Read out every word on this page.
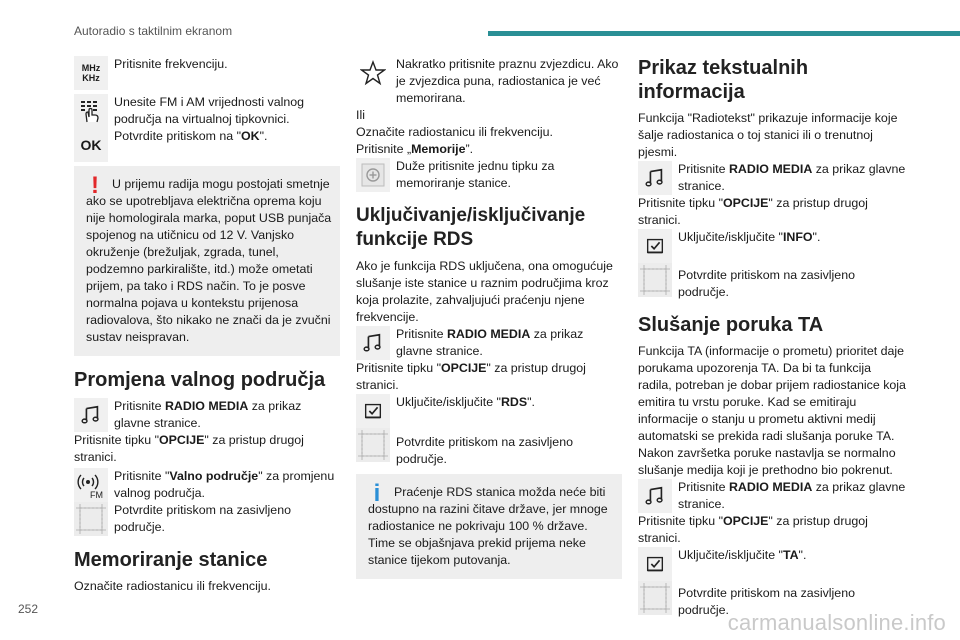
Autoradio s taktilnim ekranom
MHz
KHz

Pritisnite frekvenciju.

Unesite FM i AM vrijednosti valnog područja na virtualnoj tipkovnici.

OK

Potvrdite pritiskom na "OK".

!	U prijemu radija mogu postojati smetnje ako se upotrebljava električna oprema koju nije homologirala marka, poput USB punjača spojenog na utičnicu od 12 V. Vanjsko okruženje (brežuljak, zgrada, tunel, podzemno parkiralište, itd.) može ometati prijem, pa tako i RDS način. To je posve normalna pojava u kontekstu prijenosa radiovalova, što nikako ne znači da je zvučni sustav neispravan.

Promjena valnog područja

Pritisnite RADIO MEDIA za prikaz glavne stranice.

Pritisnite tipku "OPCIJE" za pristup drugoj stranici.

FM

Pritisnite "Valno područje" za promjenu valnog područja.

Potvrdite pritiskom na zasivljeno područje.

Memoriranje stanice

Označite radiostanicu ili frekvenciju.

Nakratko pritisnite praznu zvjezdicu. Ako je zvjezdica puna, radiostanica je već memorirana.

Ili

Označite radiostanicu ili frekvenciju.

Pritisnite „Memorije”.

Duže pritisnite jednu tipku za memoriranje stanice.

Uključivanje/isključivanje funkcije RDS

Ako je funkcija RDS uključena, ona omogućuje slušanje iste stanice u raznim područjima kroz koja prolazite, zahvaljujući praćenju njene frekvencije.

Pritisnite RADIO MEDIA za prikaz glavne stranice.

Pritisnite tipku "OPCIJE" za pristup drugoj stranici.

Uključite/isključite "RDS".

Potvrdite pritiskom na zasivljeno područje.

i	Praćenje RDS stanica možda neće biti dostupno na razini čitave države, jer mnoge radiostanice ne pokrivaju 100 % države. Time se objašnjava prekid prijema neke stanice tijekom putovanja.

Prikaz tekstualnih informacija

Funkcija "Radiotekst" prikazuje informacije koje šalje radiostanica o toj stanici ili o trenutnoj pjesmi.

Pritisnite RADIO MEDIA za prikaz glavne stranice.

Pritisnite tipku "OPCIJE" za pristup drugoj stranici.

Uključite/isključite "INFO".

Potvrdite pritiskom na zasivljeno područje.

Slušanje poruka TA

Funkcija TA (informacije o prometu) prioritet daje porukama upozorenja TA. Da bi ta funkcija radila, potreban je dobar prijem radiostanice koja emitira tu vrstu poruke. Kad se emitiraju informacije o stanju u prometu aktivni medij automatski se prekida radi slušanja poruke TA. Nakon završetka poruke nastavlja se normalno slušanje medija koji je prethodno bio pokrenut.

Pritisnite RADIO MEDIA za prikaz glavne stranice.

Pritisnite tipku "OPCIJE" za pristup drugoj stranici.

Uključite/isključite "TA".

Potvrdite pritiskom na zasivljeno područje.

252
carmanualsonline.info
